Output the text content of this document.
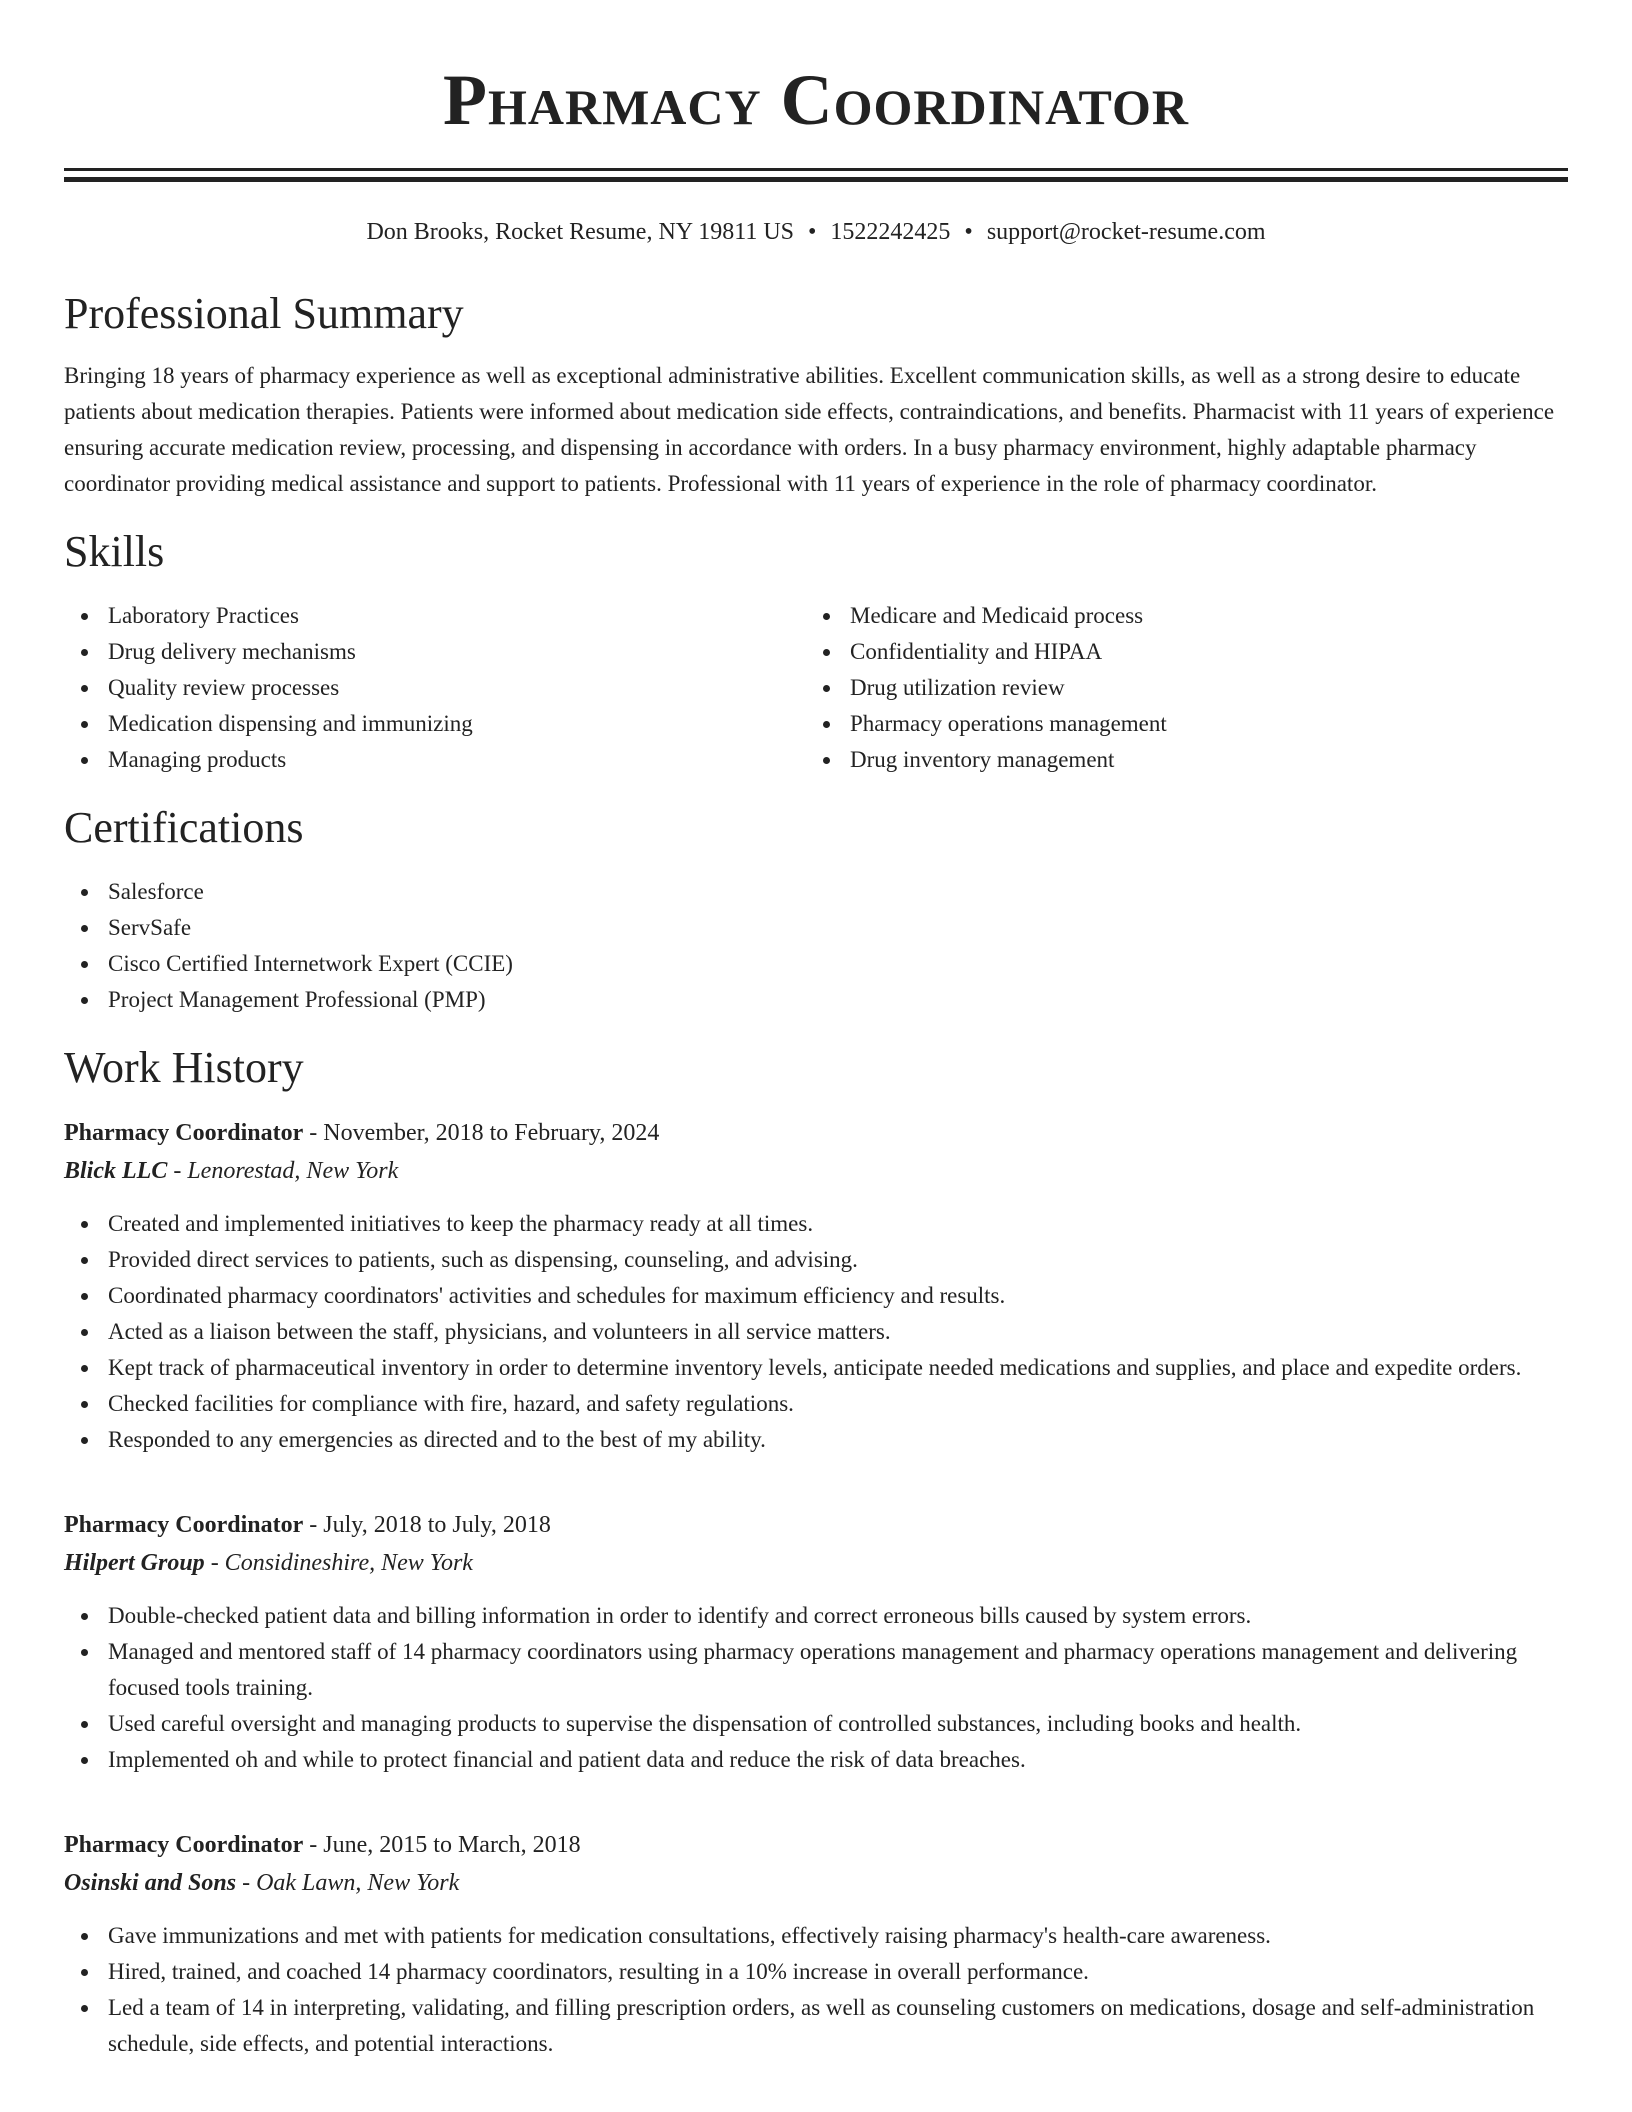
Pharmacy Coordinator
Don Brooks, Rocket Resume, NY 19811 US • 1522242425 • support@rocket-resume.com
Professional Summary

Bringing 18 years of pharmacy experience as well as exceptional administrative abilities. Excellent communication skills, as well as a strong desire to educate patients about medication therapies. Patients were informed about medication side effects, contraindications, and benefits. Pharmacist with 11 years of experience ensuring accurate medication review, processing, and dispensing in accordance with orders. In a busy pharmacy environment, highly adaptable pharmacy coordinator providing medical assistance and support to patients. Professional with 11 years of experience in the role of pharmacy coordinator.

Skills
Laboratory Practices
Drug delivery mechanisms
Quality review processes
Medication dispensing and immunizing
Managing products
Medicare and Medicaid process
Confidentiality and HIPAA
Drug utilization review
Pharmacy operations management
Drug inventory management
Certifications
Salesforce
ServSafe
Cisco Certified Internetwork Expert (CCIE)
Project Management Professional (PMP)
Work History
Pharmacy Coordinator - November, 2018 to February, 2024
Blick LLC - Lenorestad, New York
Created and implemented initiatives to keep the pharmacy ready at all times.
Provided direct services to patients, such as dispensing, counseling, and advising.
Coordinated pharmacy coordinators' activities and schedules for maximum efficiency and results.
Acted as a liaison between the staff, physicians, and volunteers in all service matters.
Kept track of pharmaceutical inventory in order to determine inventory levels, anticipate needed medications and supplies, and place and expedite orders.
Checked facilities for compliance with fire, hazard, and safety regulations.
Responded to any emergencies as directed and to the best of my ability.
Pharmacy Coordinator - July, 2018 to July, 2018
Hilpert Group - Considineshire, New York
Double-checked patient data and billing information in order to identify and correct erroneous bills caused by system errors.
Managed and mentored staff of 14 pharmacy coordinators using pharmacy operations management and pharmacy operations management and delivering focused tools training.
Used careful oversight and managing products to supervise the dispensation of controlled substances, including books and health.
Implemented oh and while to protect financial and patient data and reduce the risk of data breaches.
Pharmacy Coordinator - June, 2015 to March, 2018
Osinski and Sons - Oak Lawn, New York
Gave immunizations and met with patients for medication consultations, effectively raising pharmacy's health-care awareness.
Hired, trained, and coached 14 pharmacy coordinators, resulting in a 10% increase in overall performance.
Led a team of 14 in interpreting, validating, and filling prescription orders, as well as counseling customers on medications, dosage and self-administration schedule, side effects, and potential interactions.
